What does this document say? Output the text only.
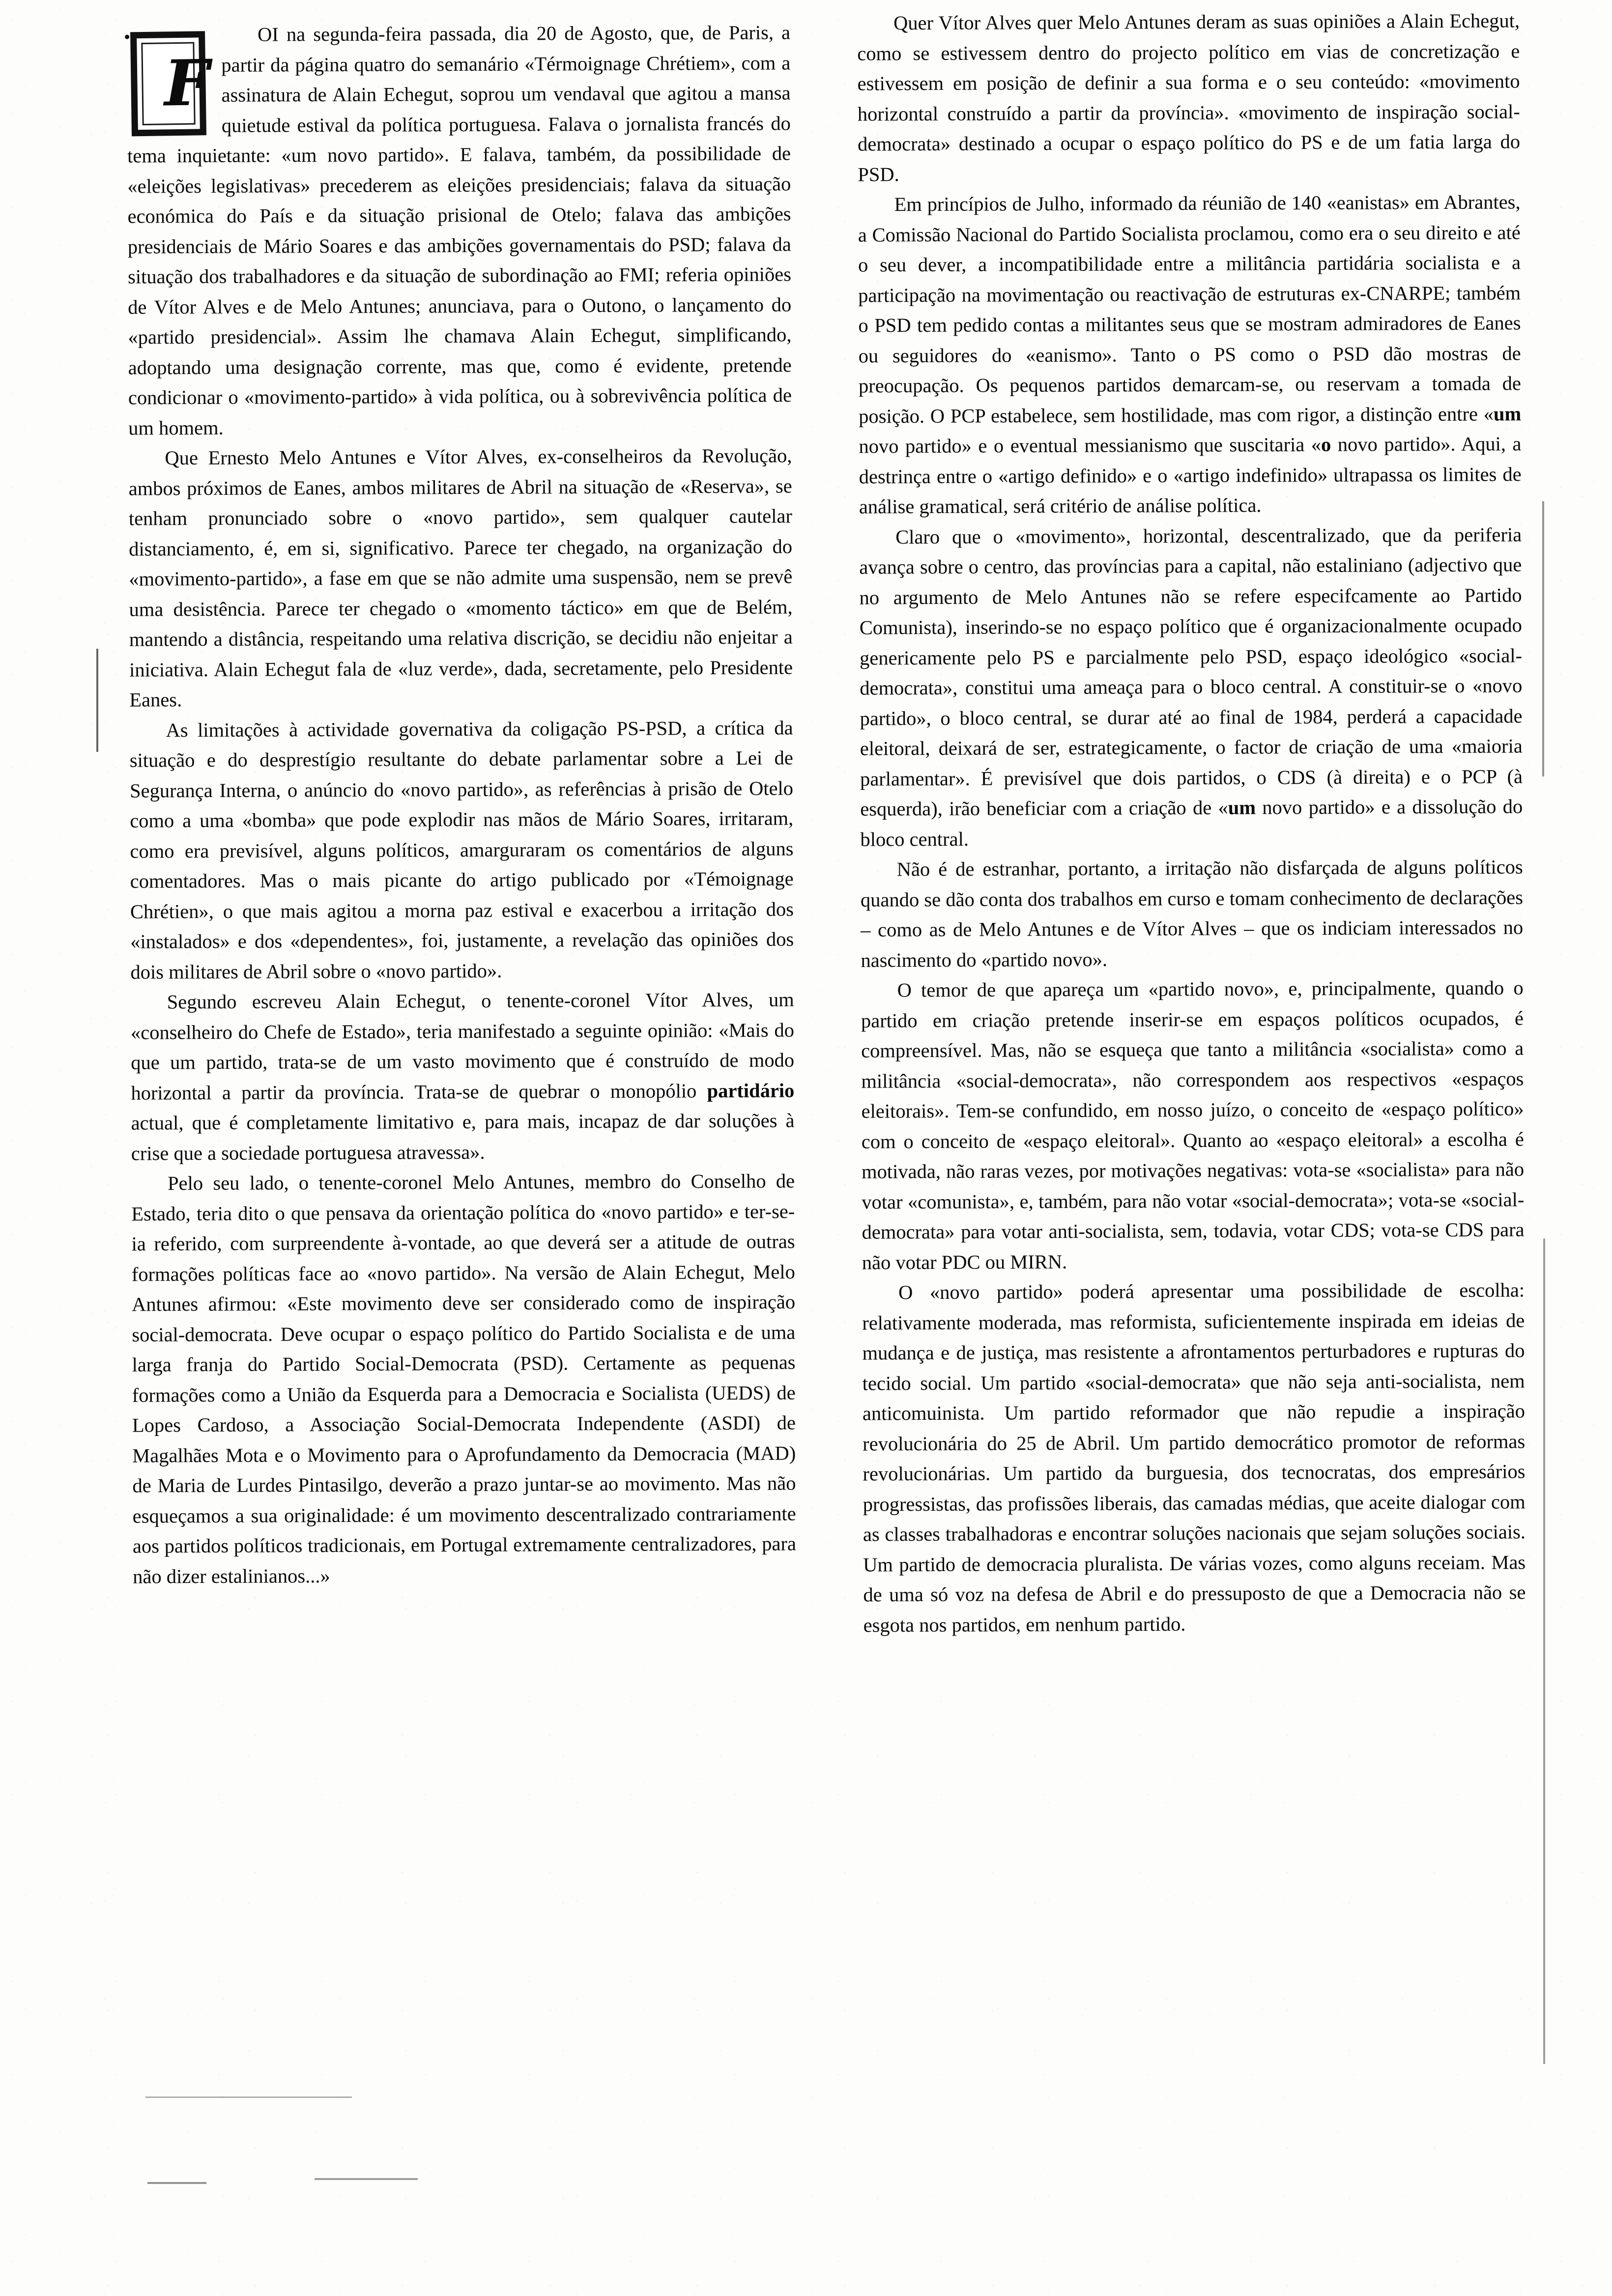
F
OI na segunda-feira passada, dia 20 de Agosto, que, de Paris, a partir da página quatro do semanário «Térmoignage Chrétiem», com a assinatura de Alain Echegut, soprou um vendaval que agitou a mansa quietude estival da política portuguesa. Falava o jornalista francés do tema inquietante: «um novo partido». E falava, também, da possibilidade de «eleições legislativas» precederem as eleições presidenciais; falava da situação económica do País e da situação prisional de Otelo; falava das ambições presidenciais de Mário Soares e das ambições governamentais do PSD; falava da situação dos trabalhadores e da situação de subordinação ao FMI; referia opiniões de Vítor Alves e de Melo Antunes; anunciava, para o Outono, o lançamento do «partido presidencial». Assim lhe chamava Alain Echegut, simplificando, adoptando uma designação corrente, mas que, como é evidente, pretende condicionar o «movimento-partido» à vida política, ou à sobrevivência política de um homem.

Que Ernesto Melo Antunes e Vítor Alves, ex-conselheiros da Revolução, ambos próximos de Eanes, ambos militares de Abril na situação de «Reserva», se tenham pronunciado sobre o «novo partido», sem qualquer cautelar distanciamento, é, em si, significativo. Parece ter chegado, na organização do «movimento-partido», a fase em que se não admite uma suspensão, nem se prevê uma desistência. Parece ter chegado o «momento táctico» em que de Belém, mantendo a distância, respeitando uma relativa discrição, se decidiu não enjeitar a iniciativa. Alain Echegut fala de «luz verde», dada, secretamente, pelo Presidente Eanes.

As limitações à actividade governativa da coligação PS-PSD, a crítica da situação e do desprestígio resultante do debate parlamentar sobre a Lei de Segurança Interna, o anúncio do «novo partido», as referências à prisão de Otelo como a uma «bomba» que pode explodir nas mãos de Mário Soares, irritaram, como era previsível, alguns políticos, amarguraram os comentários de alguns comentadores. Mas o mais picante do artigo publicado por «Témoignage Chrétien», o que mais agitou a morna paz estival e exacerbou a irritação dos «instalados» e dos «dependentes», foi, justamente, a revelação das opiniões dos dois militares de Abril sobre o «novo partido».

Segundo escreveu Alain Echegut, o tenente-coronel Vítor Alves, um «conselheiro do Chefe de Estado», teria manifestado a seguinte opinião: «Mais do que um partido, trata-se de um vasto movimento que é construído de modo horizontal a partir da província. Trata-se de quebrar o monopólio partidário actual, que é completamente limitativo e, para mais, incapaz de dar soluções à crise que a sociedade portuguesa atravessa».

Pelo seu lado, o tenente-coronel Melo Antunes, membro do Conselho de Estado, teria dito o que pensava da orientação política do «novo partido» e ter-se-ia referido, com surpreendente à-vontade, ao que deverá ser a atitude de outras formações políticas face ao «novo partido». Na versão de Alain Echegut, Melo Antunes afirmou: «Este movimento deve ser considerado como de inspiração social-democrata. Deve ocupar o espaço político do Partido Socialista e de uma larga franja do Partido Social-Democrata (PSD). Certamente as pequenas formações como a União da Esquerda para a Democracia e Socialista (UEDS) de Lopes Cardoso, a Associação Social-Democrata Independente (ASDI) de Magalhães Mota e o Movimento para o Aprofundamento da Democracia (MAD) de Maria de Lurdes Pintasilgo, deverão a prazo juntar-se ao movimento. Mas não esqueçamos a sua originalidade: é um movimento descentralizado contrariamente aos partidos políticos tradicionais, em Portugal extremamente centralizadores, para não dizer estalinianos...»

Quer Vítor Alves quer Melo Antunes deram as suas opiniões a Alain Echegut, como se estivessem dentro do projecto político em vias de concretização e estivessem em posição de definir a sua forma e o seu conteúdo: «movimento horizontal construído a partir da província». «movimento de inspiração social-democrata» destinado a ocupar o espaço político do PS e de um fatia larga do PSD.

Em princípios de Julho, informado da réunião de 140 «eanistas» em Abrantes, a Comissão Nacional do Partido Socialista proclamou, como era o seu direito e até o seu dever, a incompatibilidade entre a militância partidária socialista e a participação na movimentação ou reactivação de estruturas ex-CNARPE; também o PSD tem pedido contas a militantes seus que se mostram admiradores de Eanes ou seguidores do «eanismo». Tanto o PS como o PSD dão mostras de preocupação. Os pequenos partidos demarcam-se, ou reservam a tomada de posição. O PCP estabelece, sem hostilidade, mas com rigor, a distinção entre «um novo partido» e o eventual messianismo que suscitaria «o novo partido». Aqui, a destrinça entre o «artigo definido» e o «artigo indefinido» ultrapassa os limites de análise gramatical, será critério de análise política.

Claro que o «movimento», horizontal, descentralizado, que da periferia avança sobre o centro, das províncias para a capital, não estaliniano (adjectivo que no argumento de Melo Antunes não se refere especifcamente ao Partido Comunista), inserindo-se no espaço político que é organizacionalmente ocupado genericamente pelo PS e parcialmente pelo PSD, espaço ideológico «social-democrata», constitui uma ameaça para o bloco central. A constituir-se o «novo partido», o bloco central, se durar até ao final de 1984, perderá a capacidade eleitoral, deixará de ser, estrategicamente, o factor de criação de uma «maioria parlamentar». É previsível que dois partidos, o CDS (à direita) e o PCP (à esquerda), irão beneficiar com a criação de «um novo partido» e a dissolução do bloco central.

Não é de estranhar, portanto, a irritação não disfarçada de alguns políticos quando se dão conta dos trabalhos em curso e tomam conhecimento de declarações – como as de Melo Antunes e de Vítor Alves – que os indiciam interessados no nascimento do «partido novo».

O temor de que apareça um «partido novo», e, principalmente, quando o partido em criação pretende inserir-se em espaços políticos ocupados, é compreensível. Mas, não se esqueça que tanto a militância «socialista» como a militância «social-democrata», não correspondem aos respectivos «espaços eleitorais». Tem-se confundido, em nosso juízo, o conceito de «espaço político» com o conceito de «espaço eleitoral». Quanto ao «espaço eleitoral» a escolha é motivada, não raras vezes, por motivações negativas: vota-se «socialista» para não votar «comunista», e, também, para não votar «social-democrata»; vota-se «social-democrata» para votar anti-socialista, sem, todavia, votar CDS; vota-se CDS para não votar PDC ou MIRN.

O «novo partido» poderá apresentar uma possibilidade de escolha: relativamente moderada, mas reformista, suficientemente inspirada em ideias de mudança e de justiça, mas resistente a afrontamentos perturbadores e rupturas do tecido social. Um partido «social-democrata» que não seja anti-socialista, nem anticomuinista. Um partido reformador que não repudie a inspiração revolucionária do 25 de Abril. Um partido democrático promotor de reformas revolucionárias. Um partido da burguesia, dos tecnocratas, dos empresários progressistas, das profissões liberais, das camadas médias, que aceite dialogar com as classes trabalhadoras e encontrar soluções nacionais que sejam soluções sociais. Um partido de democracia pluralista. De várias vozes, como alguns receiam. Mas de uma só voz na defesa de Abril e do pressuposto de que a Democracia não se esgota nos partidos, em nenhum partido.
